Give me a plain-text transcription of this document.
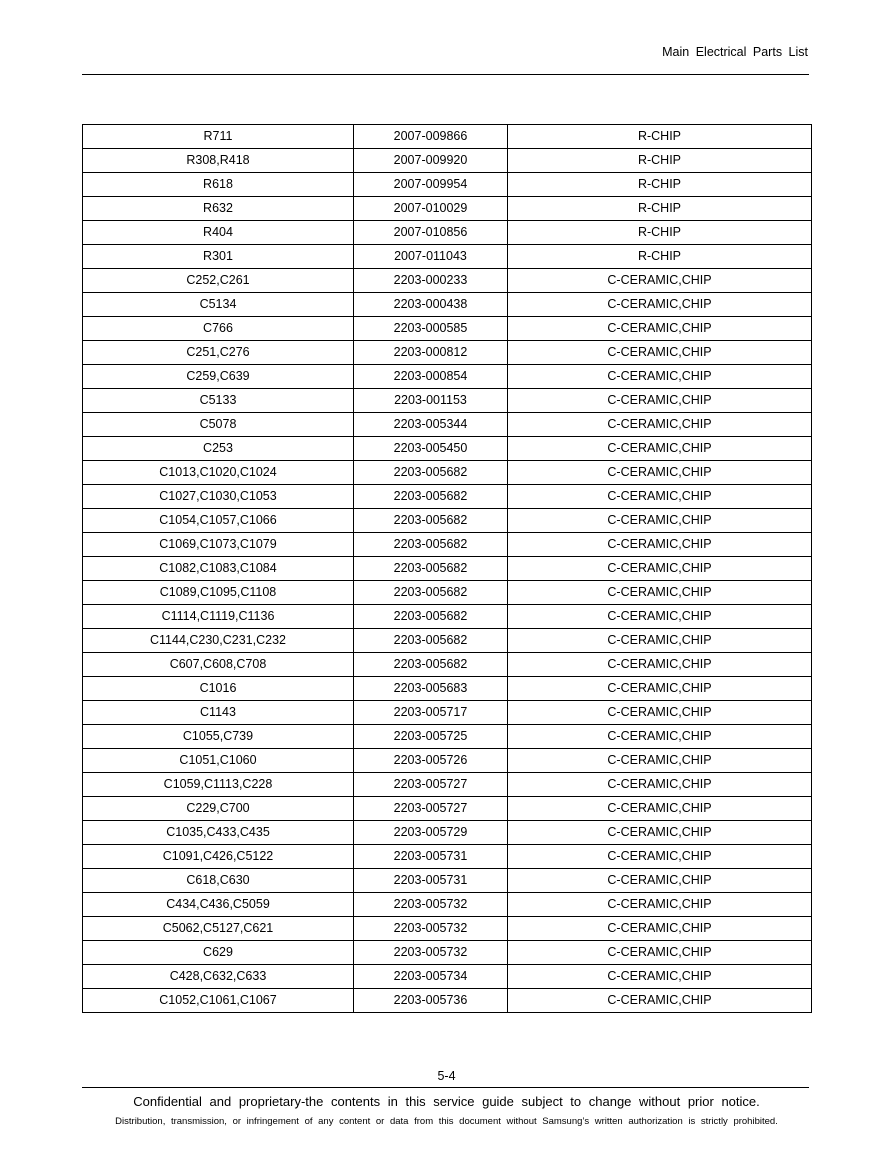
Main Electrical Parts List
R711	2007-009866	R-CHIP
R308,R418	2007-009920	R-CHIP
R618	2007-009954	R-CHIP
R632	2007-010029	R-CHIP
R404	2007-010856	R-CHIP
R301	2007-011043	R-CHIP
C252,C261	2203-000233	C-CERAMIC,CHIP
C5134	2203-000438	C-CERAMIC,CHIP
C766	2203-000585	C-CERAMIC,CHIP
C251,C276	2203-000812	C-CERAMIC,CHIP
C259,C639	2203-000854	C-CERAMIC,CHIP
C5133	2203-001153	C-CERAMIC,CHIP
C5078	2203-005344	C-CERAMIC,CHIP
C253	2203-005450	C-CERAMIC,CHIP
C1013,C1020,C1024	2203-005682	C-CERAMIC,CHIP
C1027,C1030,C1053	2203-005682	C-CERAMIC,CHIP
C1054,C1057,C1066	2203-005682	C-CERAMIC,CHIP
C1069,C1073,C1079	2203-005682	C-CERAMIC,CHIP
C1082,C1083,C1084	2203-005682	C-CERAMIC,CHIP
C1089,C1095,C1108	2203-005682	C-CERAMIC,CHIP
C1114,C1119,C1136	2203-005682	C-CERAMIC,CHIP
C1144,C230,C231,C232	2203-005682	C-CERAMIC,CHIP
C607,C608,C708	2203-005682	C-CERAMIC,CHIP
C1016	2203-005683	C-CERAMIC,CHIP
C1143	2203-005717	C-CERAMIC,CHIP
C1055,C739	2203-005725	C-CERAMIC,CHIP
C1051,C1060	2203-005726	C-CERAMIC,CHIP
C1059,C1113,C228	2203-005727	C-CERAMIC,CHIP
C229,C700	2203-005727	C-CERAMIC,CHIP
C1035,C433,C435	2203-005729	C-CERAMIC,CHIP
C1091,C426,C5122	2203-005731	C-CERAMIC,CHIP
C618,C630	2203-005731	C-CERAMIC,CHIP
C434,C436,C5059	2203-005732	C-CERAMIC,CHIP
C5062,C5127,C621	2203-005732	C-CERAMIC,CHIP
C629	2203-005732	C-CERAMIC,CHIP
C428,C632,C633	2203-005734	C-CERAMIC,CHIP
C1052,C1061,C1067	2203-005736	C-CERAMIC,CHIP
5-4
Confidential and proprietary-the contents in this service guide subject to change without prior notice.
Distribution, transmission, or infringement of any content or data from this document without Samsung’s written authorization is strictly prohibited.
